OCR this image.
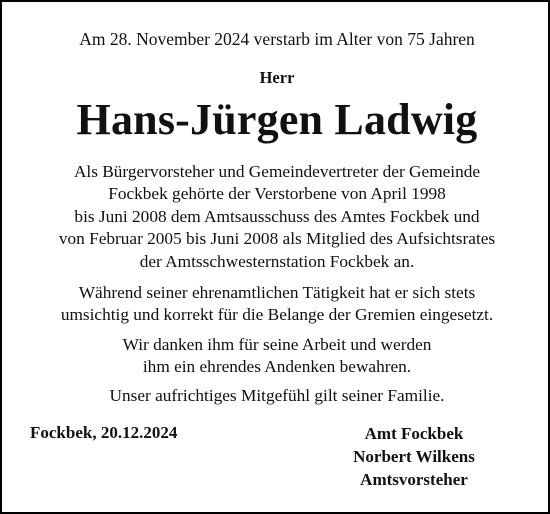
Am 28. November 2024 verstarb im Alter von 75 Jahren
Herr
Hans-Jürgen Ladwig

Als Bürgervorsteher und Gemeindevertreter der Gemeinde
Fockbek gehörte der Verstorbene von April 1998
bis Juni 2008 dem Amtsausschuss des Amtes Fockbek und
von Februar 2005 bis Juni 2008 als Mitglied des Aufsichtsrates
der Amtsschwesternstation Fockbek an.

Während seiner ehrenamtlichen Tätigkeit hat er sich stets
umsichtig und korrekt für die Belange der Gremien eingesetzt.

Wir danken ihm für seine Arbeit und werden
ihm ein ehrendes Andenken bewahren.

Unser aufrichtiges Mitgefühl gilt seiner Familie.

Fockbek, 20.12.2024	Amt Fockbek
Norbert Wilkens
Amtsvorsteher
